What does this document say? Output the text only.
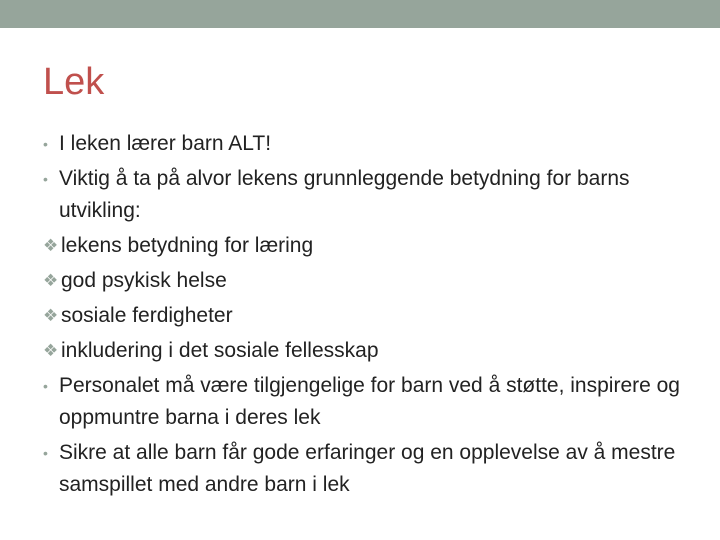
Lek
• I leken lærer barn ALT!
• Viktig å ta på alvor lekens grunnleggende betydning for barns utvikling:
❖ lekens betydning for læring
❖ god psykisk helse
❖ sosiale ferdigheter
❖ inkludering i det sosiale fellesskap
• Personalet må være tilgjengelige for barn ved å støtte, inspirere og oppmuntre barna i deres lek
• Sikre at alle barn får gode erfaringer og en opplevelse av å mestre samspillet med andre barn i lek
